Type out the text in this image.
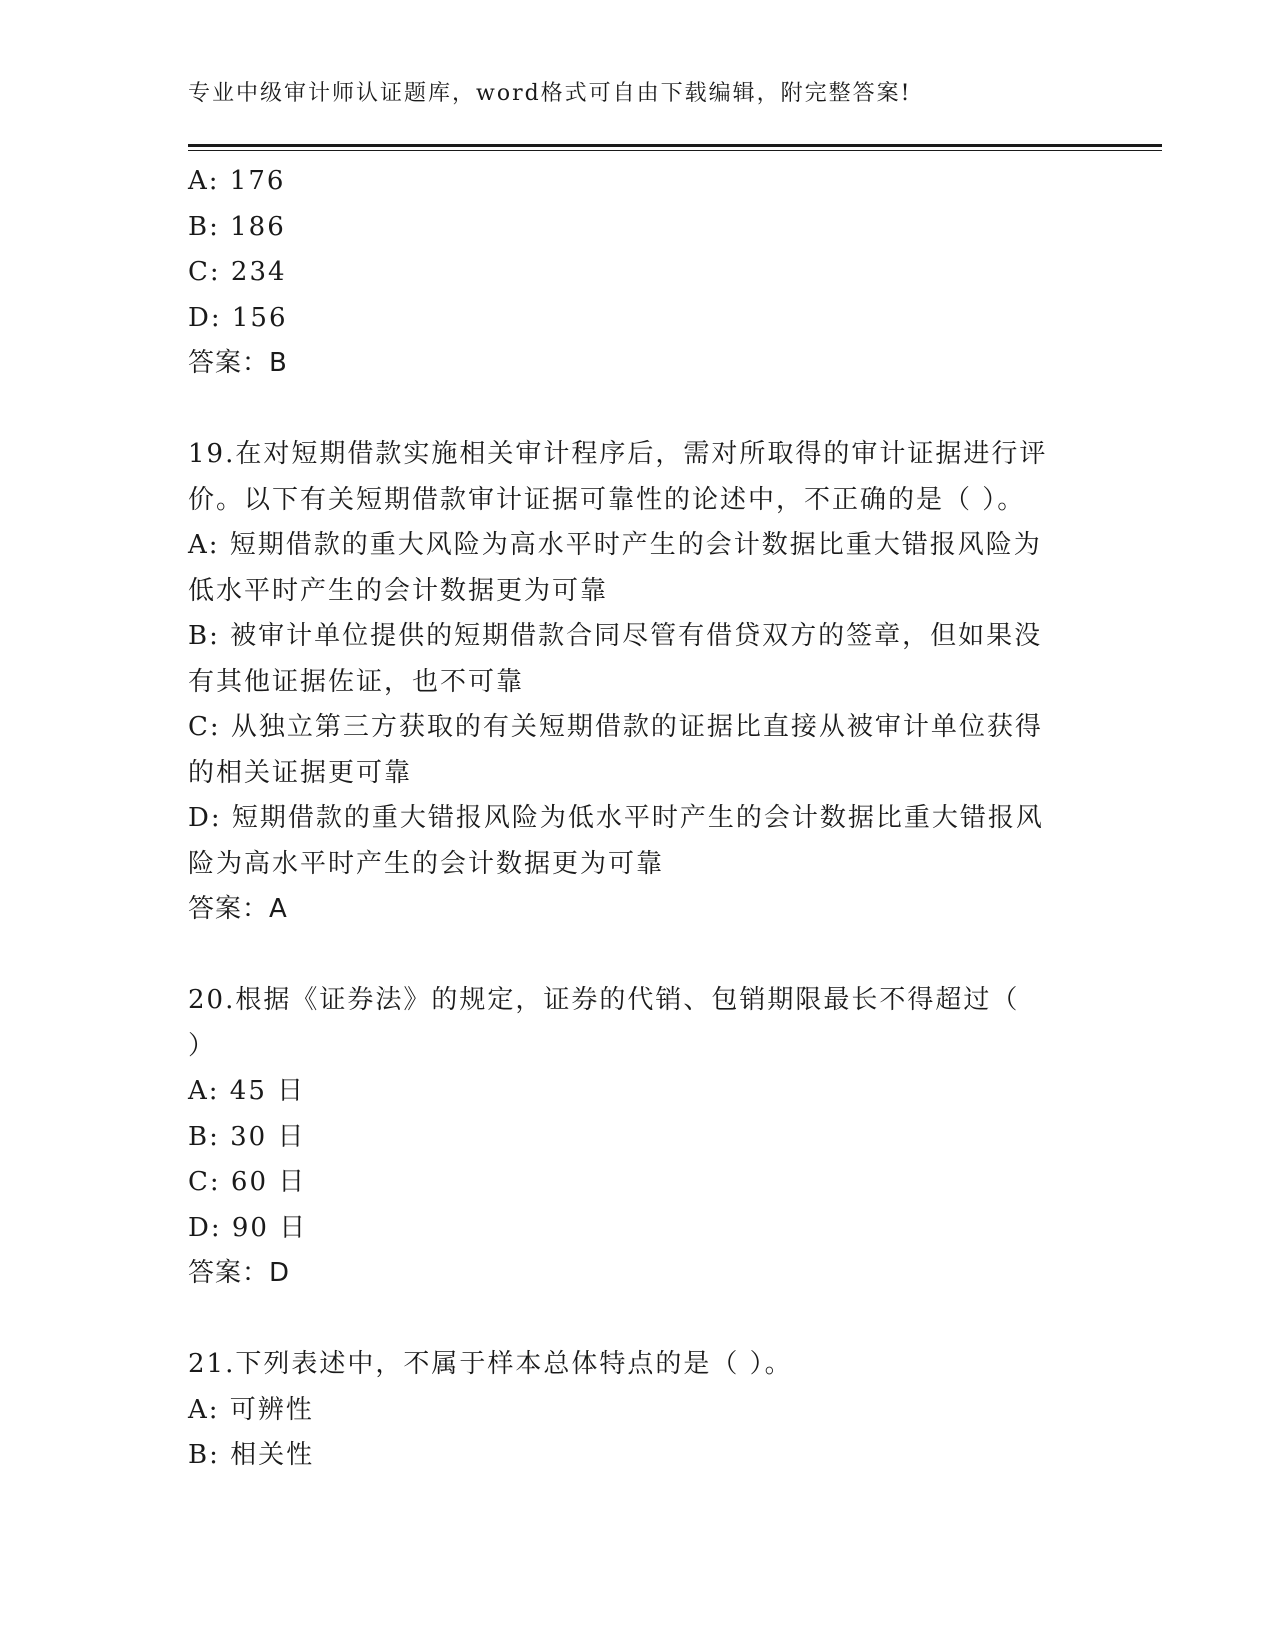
专业中级审计师认证题库，word格式可自由下载编辑，附完整答案!
A: 176
B: 186
C: 234
D: 156
答案：B
19.在对短期借款实施相关审计程序后，需对所取得的审计证据进行评
价。以下有关短期借款审计证据可靠性的论述中，不正确的是（ ）。
A: 短期借款的重大风险为高水平时产生的会计数据比重大错报风险为
低水平时产生的会计数据更为可靠
B: 被审计单位提供的短期借款合同尽管有借贷双方的签章，但如果没
有其他证据佐证，也不可靠
C: 从独立第三方获取的有关短期借款的证据比直接从被审计单位获得
的相关证据更可靠
D: 短期借款的重大错报风险为低水平时产生的会计数据比重大错报风
险为高水平时产生的会计数据更为可靠
答案：A
20.根据《证券法》的规定，证券的代销、包销期限最长不得超过（
）
A: 45 日
B: 30 日
C: 60 日
D: 90 日
答案：D
21.下列表述中，不属于样本总体特点的是（ ）。
A: 可辨性
B: 相关性
